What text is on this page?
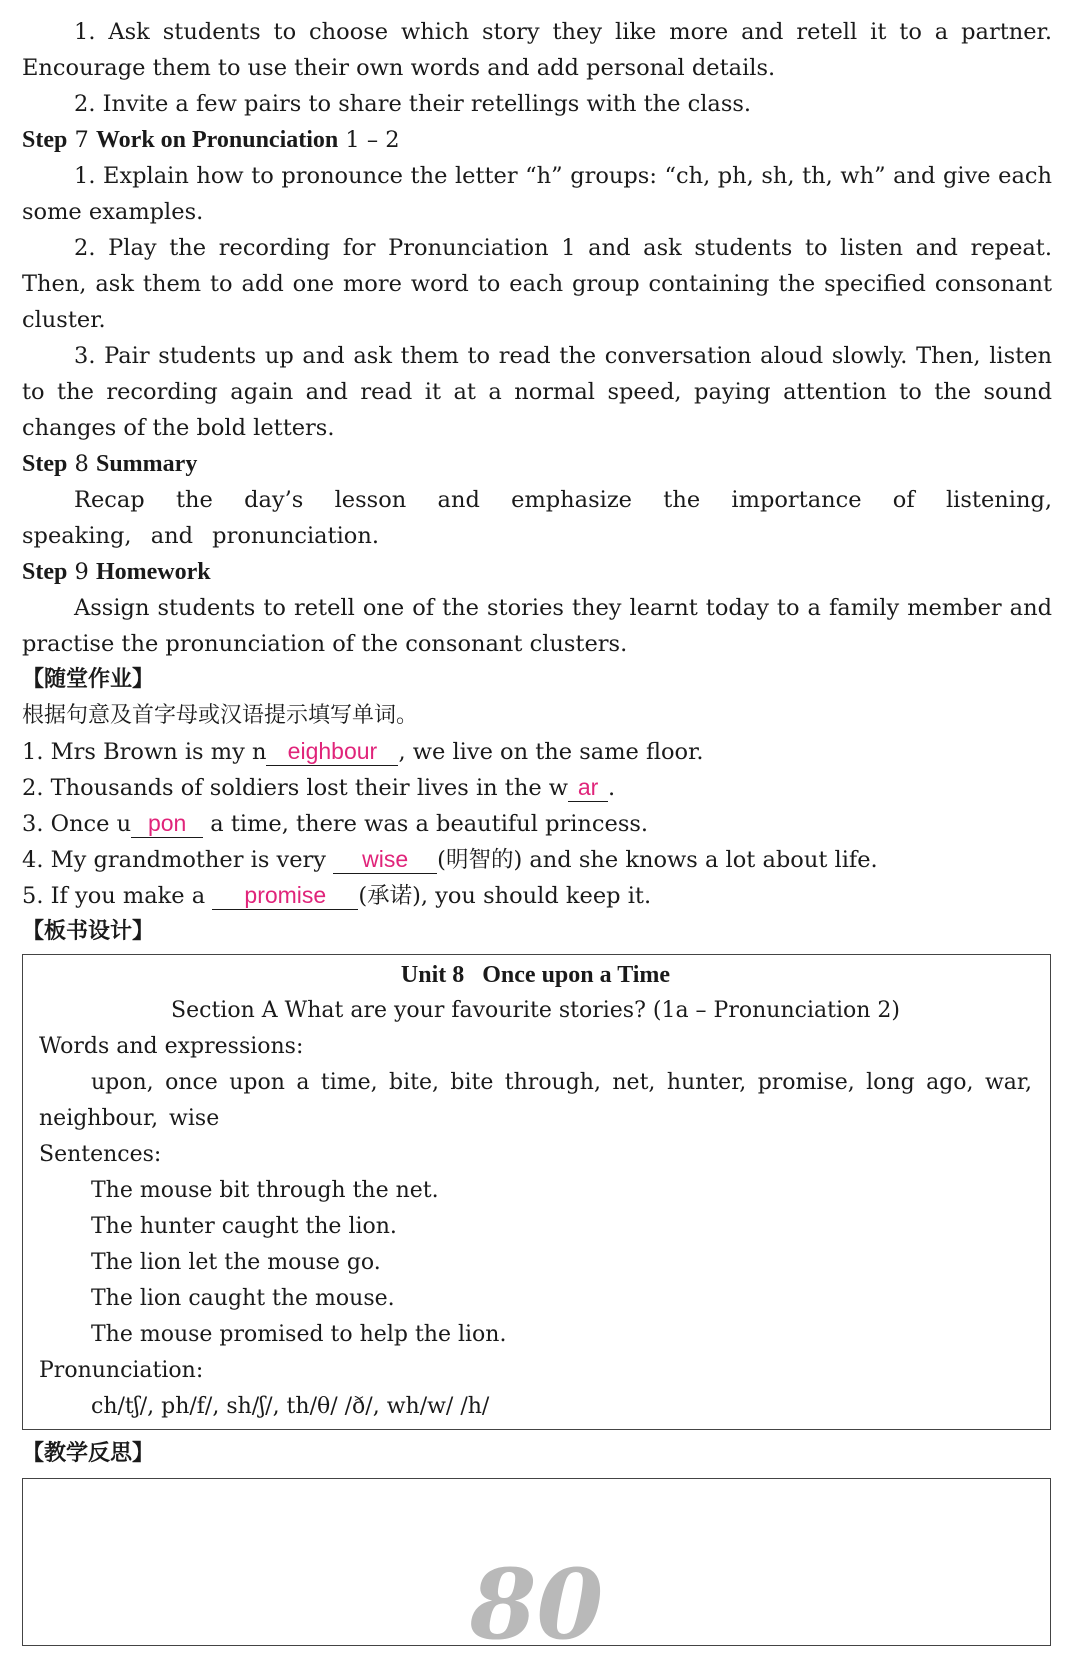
1. Ask students to choose which story they like more and retell it to a partner. Encourage them to use their own words and add personal details.

2. Invite a few pairs to share their retellings with the class.

Step 7 Work on Pronunciation 1 – 2

1. Explain how to pronounce the letter “h” groups: “ch, ph, sh, th, wh” and give each some examples.

2. Play the recording for Pronunciation 1 and ask students to listen and repeat. Then, ask them to add one more word to each group containing the specified consonant cluster.

3. Pair students up and ask them to read the conversation aloud slowly. Then, listen to the recording again and read it at a normal speed, paying attention to the sound changes of the bold letters.

Step 8 Summary

Recap the day’s lesson and emphasize the importance of listening, speaking, and pronunciation.

Step 9 Homework

Assign students to retell one of the stories they learnt today to a family member and practise the pronunciation of the consonant clusters.

【随堂作业】

根据句意及首字母或汉语提示填写单词。

1. Mrs Brown is my n eighbour , we live on the same floor.

2. Thousands of soldiers lost their lives in the w ar .

3. Once u pon a time, there was a beautiful princess.

4. My grandmother is very wise (明智的) and she knows a lot about life.

5. If you make a promise (承诺), you should keep it.

【板书设计】

Unit 8   Once upon a Time

Section A What are your favourite stories? (1a – Pronunciation 2)

Words and expressions:

upon, once upon a time, bite, bite through, net, hunter, promise, long ago, war, neighbour, wise

Sentences:

The mouse bit through the net.

The hunter caught the lion.

The lion let the mouse go.

The lion caught the mouse.

The mouse promised to help the lion.

Pronunciation:

ch/tʃ/, ph/f/, sh/ʃ/, th/θ/ /ð/, wh/w/ /h/

【教学反思】

80
